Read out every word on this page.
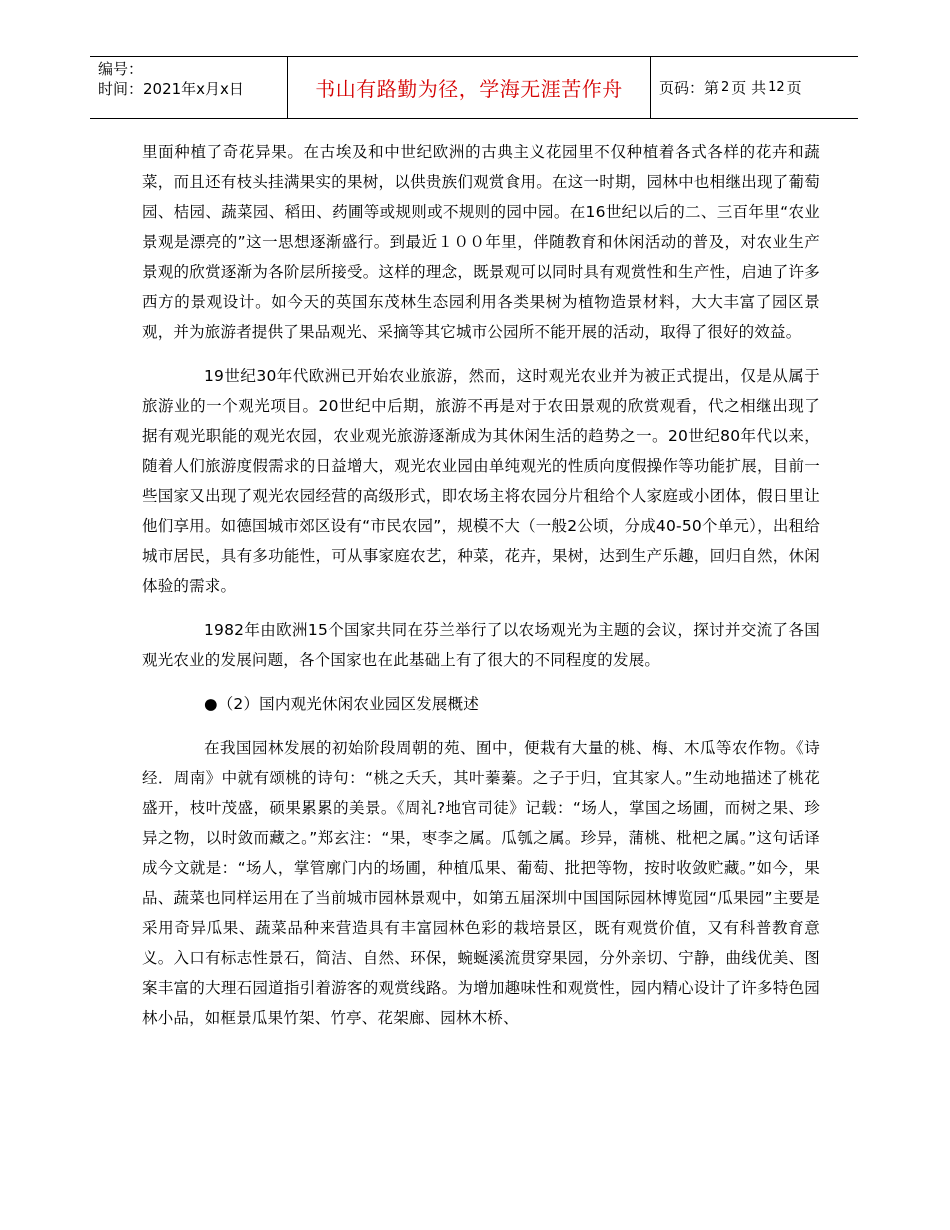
编号：
时间：2021年x月x日	书山有路勤为径，学海无涯苦作舟	页码：第 2 页 共 12 页

里面种植了奇花异果。在古埃及和中世纪欧洲的古典主义花园里不仅种植着各式各样的花卉和蔬菜，而且还有枝头挂满果实的果树，以供贵族们观赏食用。在这一时期，园林中也相继出现了葡萄园、桔园、蔬菜园、稻田、药圃等或规则或不规则的园中园。在16世纪以后的二、三百年里“农业景观是漂亮的”这一思想逐渐盛行。到最近１００年里，伴随教育和休闲活动的普及，对农业生产景观的欣赏逐渐为各阶层所接受。这样的理念，既景观可以同时具有观赏性和生产性，启迪了许多西方的景观设计。如今天的英国东茂林生态园利用各类果树为植物造景材料，大大丰富了园区景观，并为旅游者提供了果品观光、采摘等其它城市公园所不能开展的活动，取得了很好的效益。

19世纪30年代欧洲已开始农业旅游，然而，这时观光农业并为被正式提出，仅是从属于旅游业的一个观光项目。20世纪中后期，旅游不再是对于农田景观的欣赏观看，代之相继出现了据有观光职能的观光农园，农业观光旅游逐渐成为其休闲生活的趋势之一。20世纪80年代以来，随着人们旅游度假需求的日益增大，观光农业园由单纯观光的性质向度假操作等功能扩展，目前一些国家又出现了观光农园经营的高级形式，即农场主将农园分片租给个人家庭或小团体，假日里让他们享用。如德国城市郊区设有“市民农园”，规模不大（一般2公顷，分成40-50个单元），出租给城市居民，具有多功能性，可从事家庭农艺，种菜，花卉，果树，达到生产乐趣，回归自然，休闲体验的需求。

1982年由欧洲15个国家共同在芬兰举行了以农场观光为主题的会议，探讨并交流了各国观光农业的发展问题，各个国家也在此基础上有了很大的不同程度的发展。

●（2）国内观光休闲农业园区发展概述

在我国园林发展的初始阶段周朝的苑、囿中，便栽有大量的桃、梅、木瓜等农作物。《诗经．周南》中就有颂桃的诗句：“桃之夭夭，其叶蓁蓁。之子于归，宜其家人。”生动地描述了桃花盛开，枝叶茂盛，硕果累累的美景。《周礼?地官司徒》记载：“场人，掌国之场圃，而树之果、珍异之物，以时敛而藏之。”郑玄注：“果，枣李之属。瓜瓠之属。珍异，蒲桃、枇杷之属。”这句话译成今文就是：“场人，掌管廓门内的场圃，种植瓜果、葡萄、批把等物，按时收敛贮藏。”如今，果品、蔬菜也同样运用在了当前城市园林景观中，如第五届深圳中国国际园林博览园“瓜果园”主要是采用奇异瓜果、蔬菜品种来营造具有丰富园林色彩的栽培景区，既有观赏价值，又有科普教育意义。入口有标志性景石，简洁、自然、环保，蜿蜒溪流贯穿果园，分外亲切、宁静，曲线优美、图案丰富的大理石园道指引着游客的观赏线路。为增加趣味性和观赏性，园内精心设计了许多特色园林小品，如框景瓜果竹架、竹亭、花架廊、园林木桥、
